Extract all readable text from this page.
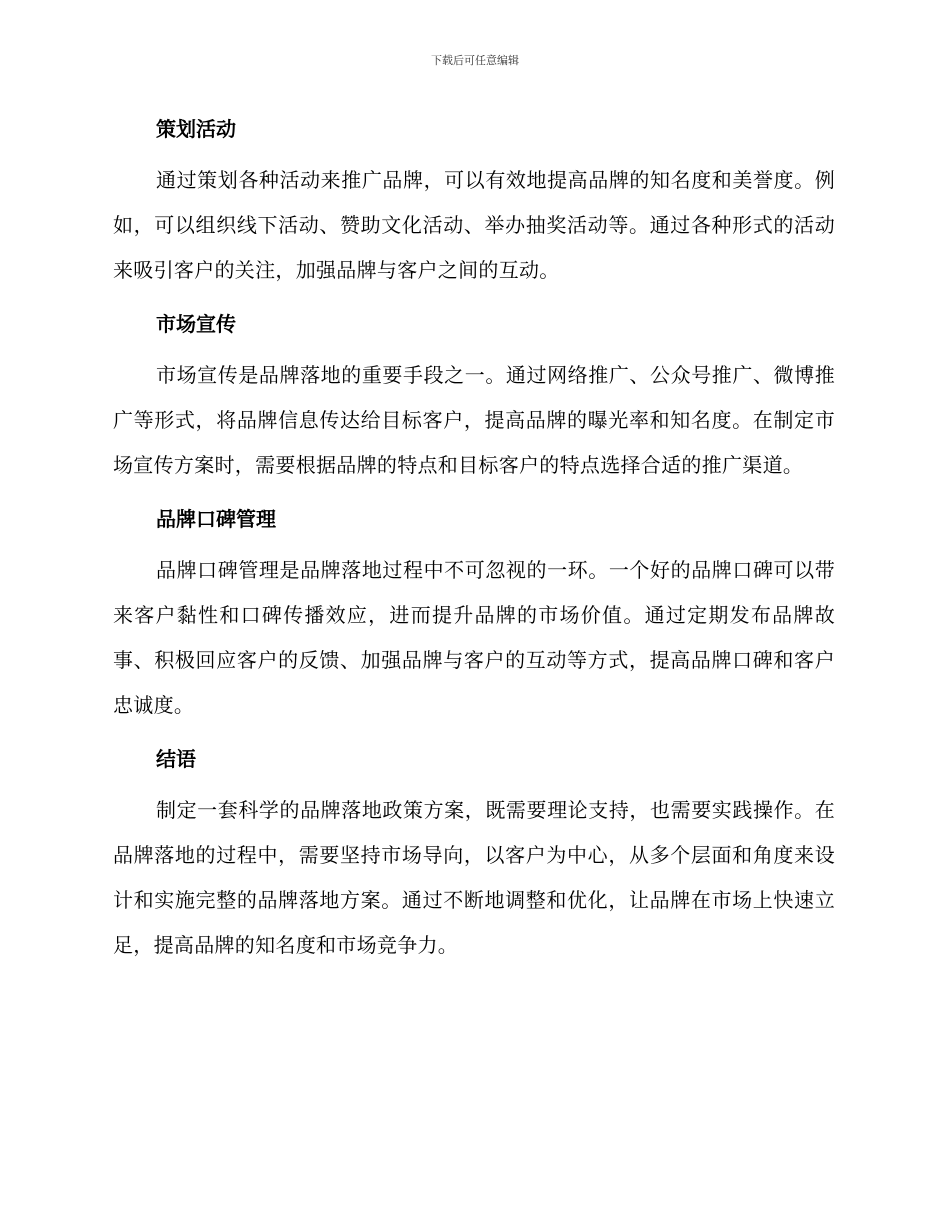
下载后可任意编辑
策划活动

通过策划各种活动来推广品牌，可以有效地提高品牌的知名度和美誉度。例如，可以组织线下活动、赞助文化活动、举办抽奖活动等。通过各种形式的活动来吸引客户的关注，加强品牌与客户之间的互动。

市场宣传

市场宣传是品牌落地的重要手段之一。通过网络推广、公众号推广、微博推广等形式，将品牌信息传达给目标客户，提高品牌的曝光率和知名度。在制定市场宣传方案时，需要根据品牌的特点和目标客户的特点选择合适的推广渠道。

品牌口碑管理

品牌口碑管理是品牌落地过程中不可忽视的一环。一个好的品牌口碑可以带来客户黏性和口碑传播效应，进而提升品牌的市场价值。通过定期发布品牌故事、积极回应客户的反馈、加强品牌与客户的互动等方式，提高品牌口碑和客户忠诚度。

结语

制定一套科学的品牌落地政策方案，既需要理论支持，也需要实践操作。在品牌落地的过程中，需要坚持市场导向，以客户为中心，从多个层面和角度来设计和实施完整的品牌落地方案。通过不断地调整和优化，让品牌在市场上快速立足，提高品牌的知名度和市场竞争力。
